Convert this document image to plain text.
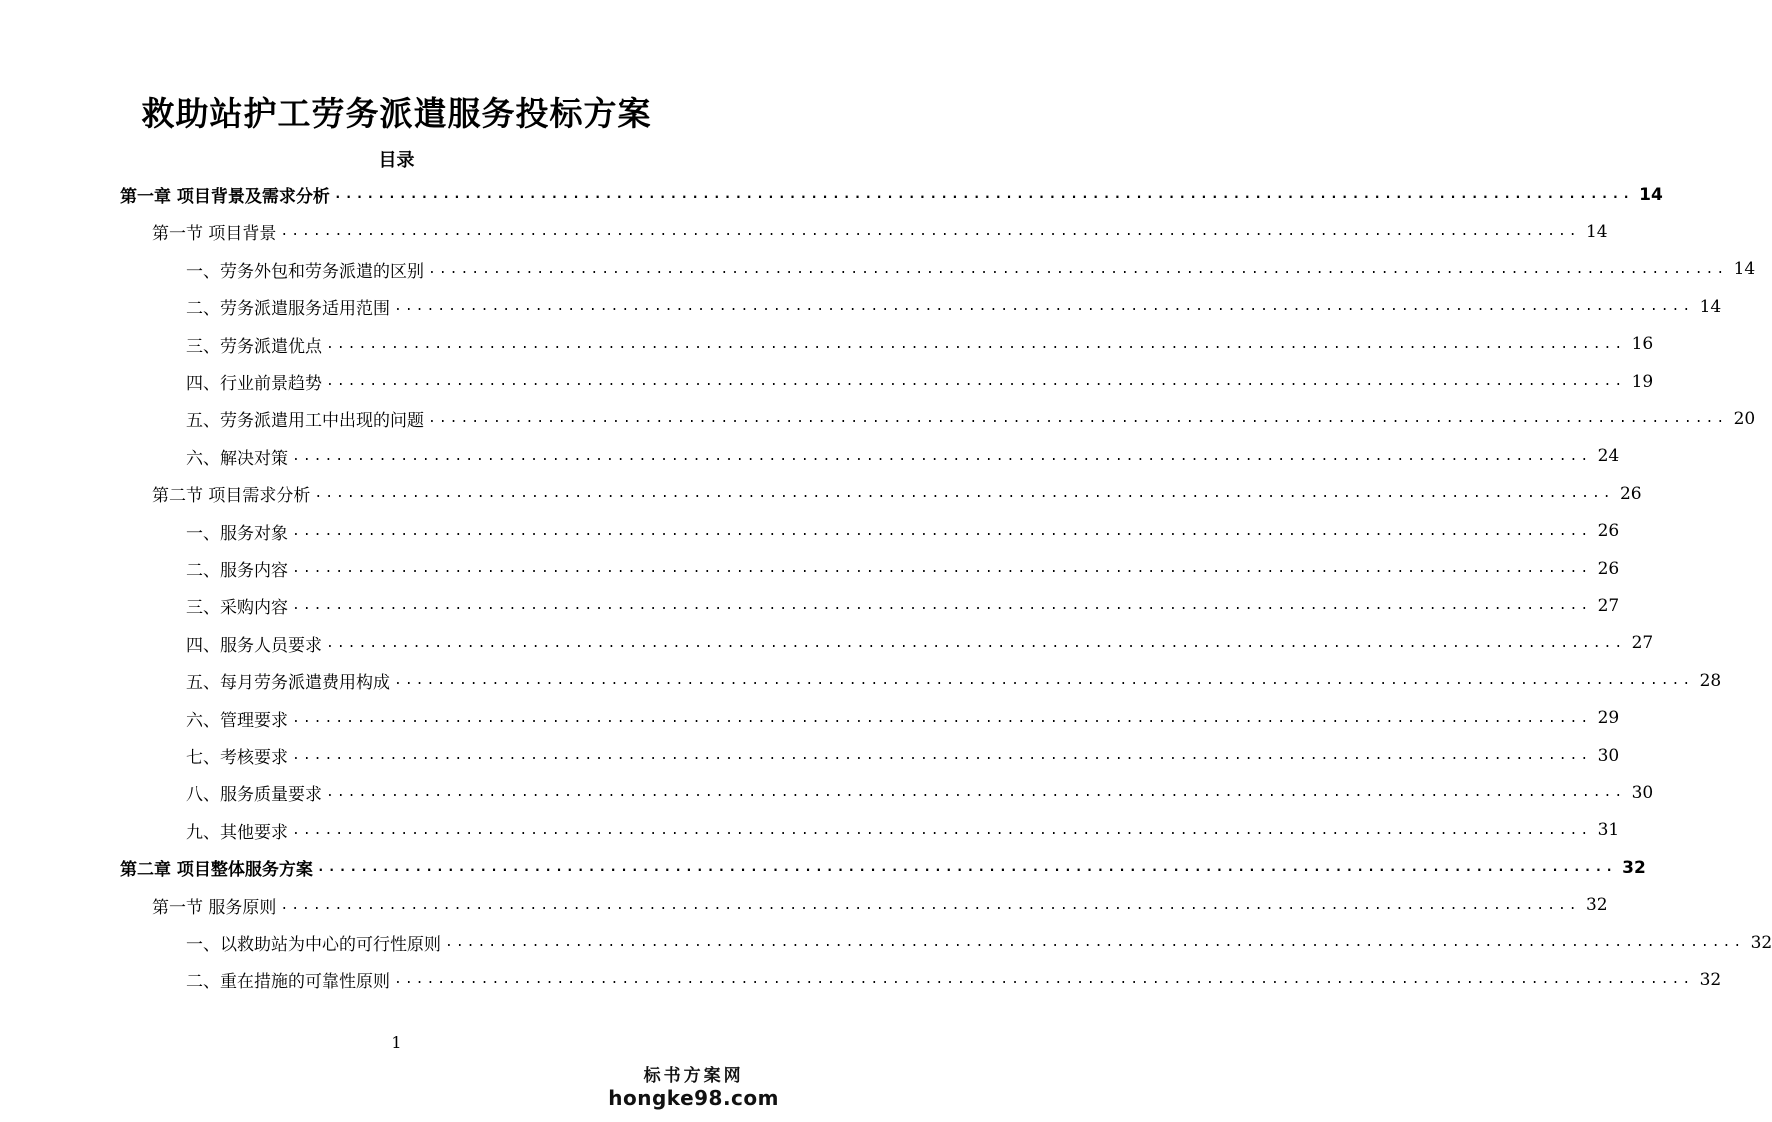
救助站护工劳务派遣服务投标方案
目录
第一章 项目背景及需求分析 ........................................................................................................................ 14
第一节 项目背景 ........................................................................................................................ 14
一、劳务外包和劳务派遣的区别 ........................................................................................................................ 14
二、劳务派遣服务适用范围 ........................................................................................................................ 14
三、劳务派遣优点 ........................................................................................................................ 16
四、行业前景趋势 ........................................................................................................................ 19
五、劳务派遣用工中出现的问题 ........................................................................................................................ 20
六、解决对策 ........................................................................................................................ 24
第二节 项目需求分析 ........................................................................................................................ 26
一、服务对象 ........................................................................................................................ 26
二、服务内容 ........................................................................................................................ 26
三、采购内容 ........................................................................................................................ 27
四、服务人员要求 ........................................................................................................................ 27
五、每月劳务派遣费用构成 ........................................................................................................................ 28
六、管理要求 ........................................................................................................................ 29
七、考核要求 ........................................................................................................................ 30
八、服务质量要求 ........................................................................................................................ 30
九、其他要求 ........................................................................................................................ 31
第二章 项目整体服务方案 ........................................................................................................................ 32
第一节 服务原则 ........................................................................................................................ 32
一、以救助站为中心的可行性原则 ........................................................................................................................ 32
二、重在措施的可靠性原则 ........................................................................................................................ 32
1
标书方案网
hongke98.com
